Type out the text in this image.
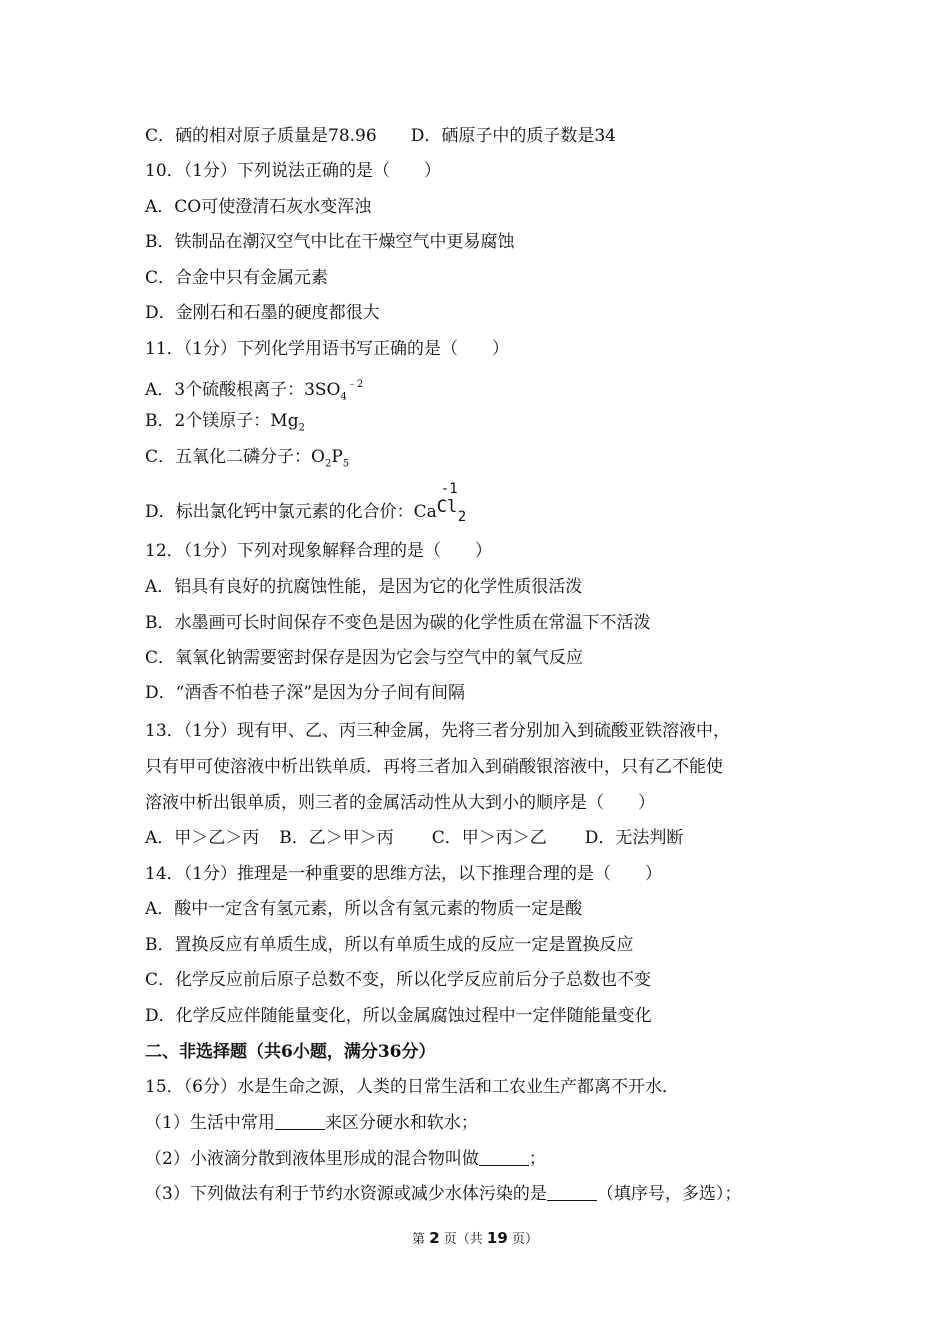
C．硒的相对原子质量是78.96 D．硒原子中的质子数是34
10．（1分）下列说法正确的是（　　）
A．CO可使澄清石灰水变浑浊
B．铁制品在潮汉空气中比在干燥空气中更易腐蚀
C．合金中只有金属元素
D．金刚石和石墨的硬度都很大
11．（1分）下列化学用语书写正确的是（　　）
A．3个硫酸根离子：$3SO_4^{﹣2}$
B．2个镁原子：$Mg_2$
C．五氧化二磷分子：$O_2P_5$
D．标出氯化钙中氯元素的化合价：Ca
-1
Cl 2
12．（1分）下列对现象解释合理的是（　　）
A．铝具有良好的抗腐蚀性能，是因为它的化学性质很活泼
B．水墨画可长时间保存不变色是因为碳的化学性质在常温下不活泼
C．氧氧化钠需要密封保存是因为它会与空气中的氧气反应
D．“酒香不怕巷子深”是因为分子间有间隔
13．（1分）现有甲、乙、丙三种金属，先将三者分别加入到硫酸亚铁溶液中，
只有甲可使溶液中析出铁单质．再将三者加入到硝酸银溶液中，只有乙不能使
溶液中析出银单质，则三者的金属活动性从大到小的顺序是（　　）
A．甲＞乙＞丙 B．乙＞甲＞丙 C．甲＞丙＞乙 D．无法判断
14．（1分）推理是一种重要的思维方法，以下推理合理的是（　　）
A．酸中一定含有氢元素，所以含有氢元素的物质一定是酸
B．置换反应有单质生成，所以有单质生成的反应一定是置换反应
C．化学反应前后原子总数不变，所以化学反应前后分子总数也不变
D．化学反应伴随能量变化，所以金属腐蚀过程中一定伴随能量变化
二、非选择题（共6小题，满分36分）
15．（6分）水是生命之源，人类的日常生活和工农业生产都离不开水．
（1）生活中常用	来区分硬水和软水；
（2）小液滴分散到液体里形成的混合物叫做	；
（3）下列做法有利于节约水资源或减少水体污染的是	（填序号，多选）；
第 2 页（共 19 页）
